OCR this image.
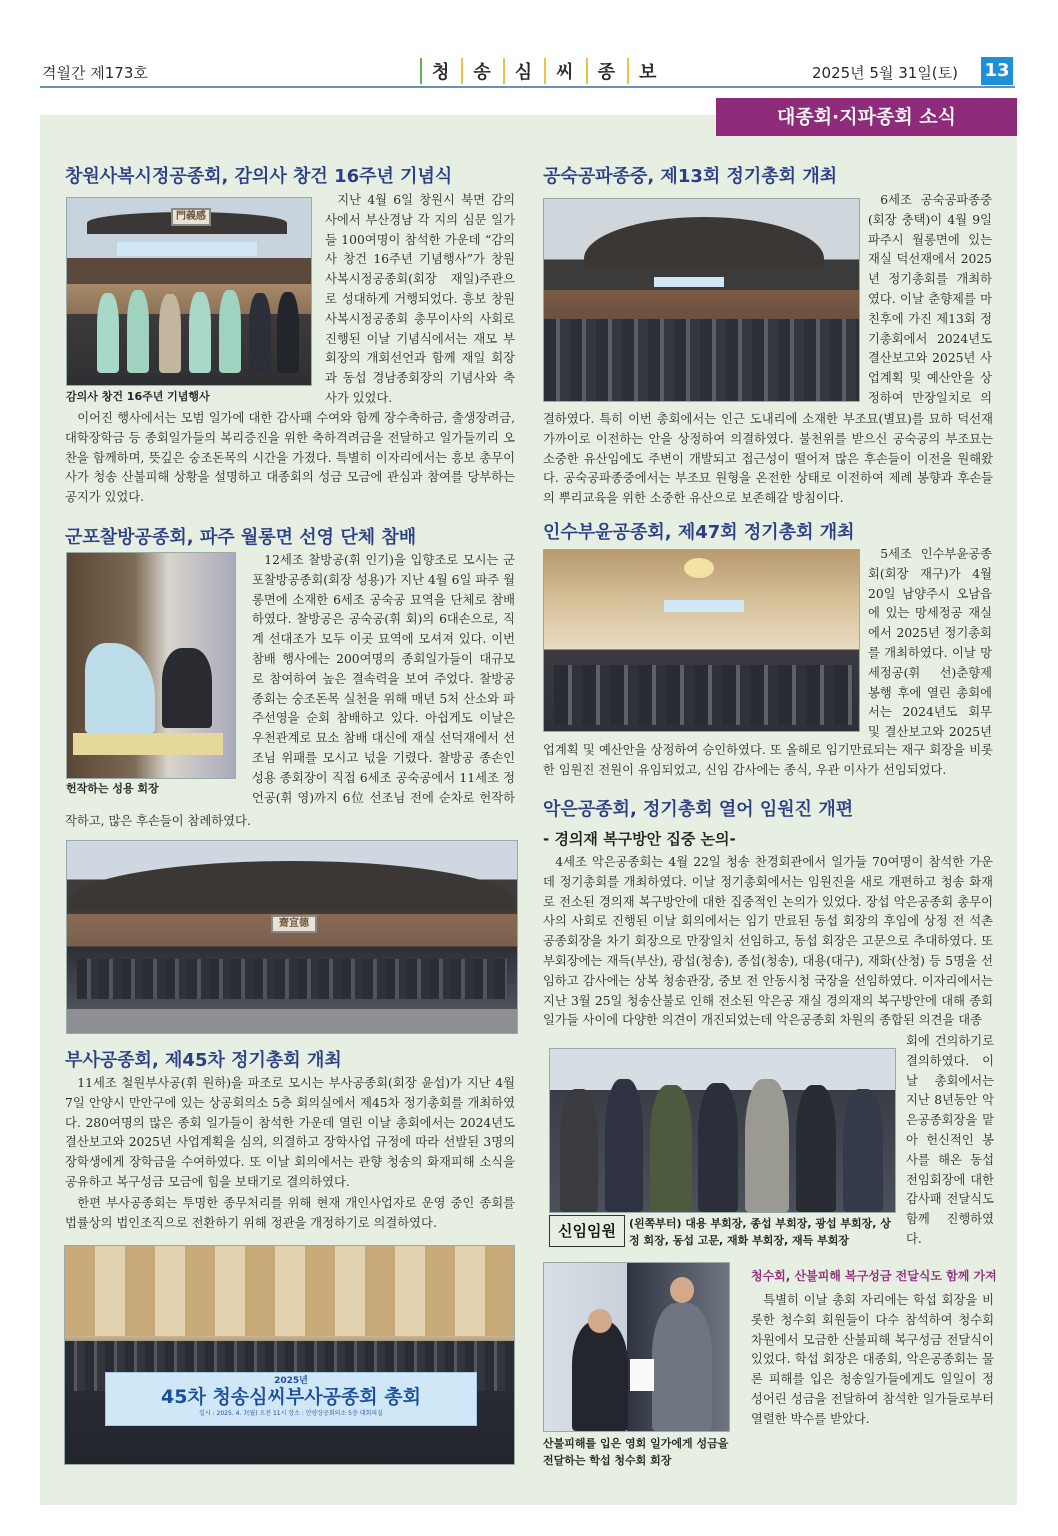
격월간 제173호	청 송 심 씨 종 보	2025년 5월 31일(토) 13
대종회·지파종회 소식
창원사복시정공종회, 감의사 창건 16주년 기념식
門義感
감의사 창건 16주년 기념행사

지난 4월 6일 창원시 북면 감의사에서 부산경남 각 지의 심문 일가들 100여명이 참석한 가운데 “감의사 창건 16주년 기념행사”가 창원사복시정공종회(회장 재일)주관으로 성대하게 거행되었다. 흥보 창원사복시정공종회 총무이사의 사회로 진행된 이날 기념식에서는 재모 부회장의 개회선언과 함께 재일 회장과 동섭 경남종회장의 기념사와 축사가 있었다.

이어진 행사에서는 모범 일가에 대한 감사패 수여와 함께 장수축하금, 출생장려금, 대학장학금 등 종회일가들의 복리증진을 위한 축하격려금을 전달하고 일가들끼리 오찬을 함께하며, 뜻깊은 숭조돈목의 시간을 가졌다. 특별히 이자리에서는 흥보 총무이사가 청송 산불피해 상황을 설명하고 대종회의 성금 모금에 관심과 참여를 당부하는 공지가 있었다.

군포찰방공종회, 파주 월롱면 선영 단체 참배
헌작하는 성용 회장

12세조 찰방공(휘 인기)을 입향조로 모시는 군포찰방공종회(회장 성용)가 지난 4월 6일 파주 월롱면에 소재한 6세조 공숙공 묘역을 단체로 참배하였다. 찰방공은 공숙공(휘 회)의 6대손으로, 직계 선대조가 모두 이곳 묘역에 모셔져 있다. 이번 참배 행사에는 200여명의 종회일가들이 대규모로 참여하여 높은 결속력을 보여 주었다. 찰방공종회는 숭조돈목 실천을 위해 매년 5처 산소와 파주선영을 순회 참배하고 있다. 아쉽게도 이날은 우천관계로 묘소 참배 대신에 재실 선덕재에서 선조님 위패를 모시고 넋을 기렸다. 찰방공 종손인 성용 종회장이 직접 6세조 공숙공에서 11세조 정언공(휘 영)까지 6位 선조님 전에 순차로 헌작하

작하고, 많은 후손들이 참례하였다.

齋宣德
부사공종회, 제45차 정기총회 개최

11세조 철원부사공(휘 원하)을 파조로 모시는 부사공종회(회장 윤섭)가 지난 4월 7일 안양시 만안구에 있는 상공회의소 5층 회의실에서 제45차 정기총회를 개최하였다. 280여명의 많은 종회 일가들이 참석한 가운데 열린 이날 총회에서는 2024년도 결산보고와 2025년 사업계획을 심의, 의결하고 장학사업 규정에 따라 선발된 3명의 장학생에게 장학금을 수여하였다. 또 이날 회의에서는 관향 청송의 화재피해 소식을 공유하고 복구성금 모금에 힘을 보태기로 결의하였다.

한편 부사공종회는 투명한 종무처리를 위해 현재 개인사업자로 운영 중인 종회를 법률상의 법인조직으로 전환하기 위해 정관을 개정하기로 의결하였다.

2025년
45차 청송심씨부사공종회 총회
일시 : 2025. 4. 7(월) 오전 11시 장소 : 안양상공회의소 5층 대회의실
공숙공파종중, 제13회 정기총회 개최

6세조 공숙공파종중(회장 충택)이 4월 9일 파주시 월롱면에 있는 재실 덕선재에서 2025년 정기총회를 개최하였다. 이날 춘향제를 마친후에 가진 제13회 정기총회에서 2024년도 결산보고와 2025년 사업계획 및 예산안을 상정하여 만장일치로 의

결하였다. 특히 이번 총회에서는 인근 도내리에 소재한 부조묘(별묘)를 묘하 덕선재 가까이로 이전하는 안을 상정하여 의결하였다. 불천위를 받으신 공숙공의 부조묘는 소중한 유산임에도 주변이 개발되고 접근성이 떨어져 많은 후손들이 이전을 원해왔다. 공숙공파종중에서는 부조묘 원형을 온전한 상태로 이전하여 제례 봉향과 후손들의 뿌리교육을 위한 소중한 유산으로 보존해갈 방침이다.

인수부윤공종회, 제47회 정기총회 개최

5세조 인수부윤공종회(회장 재구)가 4월 20일 남양주시 오남읍에 있는 망세정공 재실에서 2025년 정기총회를 개최하였다. 이날 망세정공(휘 선)춘향제 봉행 후에 열린 총회에서는 2024년도 회무 및 결산보고와 2025년

업계획 및 예산안을 상정하여 승인하였다. 또 올해로 임기만료되는 재구 회장을 비롯한 임원진 전원이 유임되었고, 신임 감사에는 종식, 우관 이사가 선임되었다.

악은공종회, 정기총회 열어 임원진 개편
- 경의재 복구방안 집중 논의-

4세조 악은공종회는 4월 22일 청송 찬경회관에서 일가들 70여명이 참석한 가운데 정기총회를 개최하였다. 이날 정기총회에서는 임원진을 새로 개편하고 청송 화재로 전소된 경의재 복구방안에 대한 집중적인 논의가 있었다. 장섭 악은공종회 총무이사의 사회로 진행된 이날 회의에서는 임기 만료된 동섭 회장의 후임에 상정 전 석촌공종회장을 차기 회장으로 만장일치 선임하고, 동섭 회장은 고문으로 추대하였다. 또 부회장에는 재득(부산), 광섭(청송), 종섭(청송), 대용(대구), 재화(산청) 등 5명을 선임하고 감사에는 상복 청송관장, 중보 전 안동시청 국장을 선임하였다. 이자리에서는 지난 3월 25일 청송산불로 인해 전소된 악은공 재실 경의재의 복구방안에 대해 종회일가들 사이에 다양한 의견이 개진되었는데 악은공종회 차원의 종합된 의견을 대종

신임임원	(왼쪽부터) 대용 부회장, 종섭 부회장, 광섭 부회장, 상정 회장, 동섭 고문, 재화 부회장, 재득 부회장

회에 건의하기로 결의하였다. 이날 총회에서는 지난 8년동안 악은공종회장을 맡아 헌신적인 봉사를 해온 동섭 전임회장에 대한 감사패 전달식도 함께 진행하였다.

청수회, 산불피해 복구성금 전달식도 함께 가져

특별히 이날 총회 자리에는 학섭 회장을 비롯한 청수회 회원들이 다수 참석하여 청수회 차원에서 모금한 산불피해 복구성금 전달식이 있었다. 학섭 회장은 대종회, 악은공종회는 물론 피해를 입은 청송일가들에게도 일일이 정성어린 성금을 전달하여 참석한 일가들로부터 열렬한 박수를 받았다.

산불피해를 입은 영회 일가에게 성금을 전달하는 학섭 청수회 회장
